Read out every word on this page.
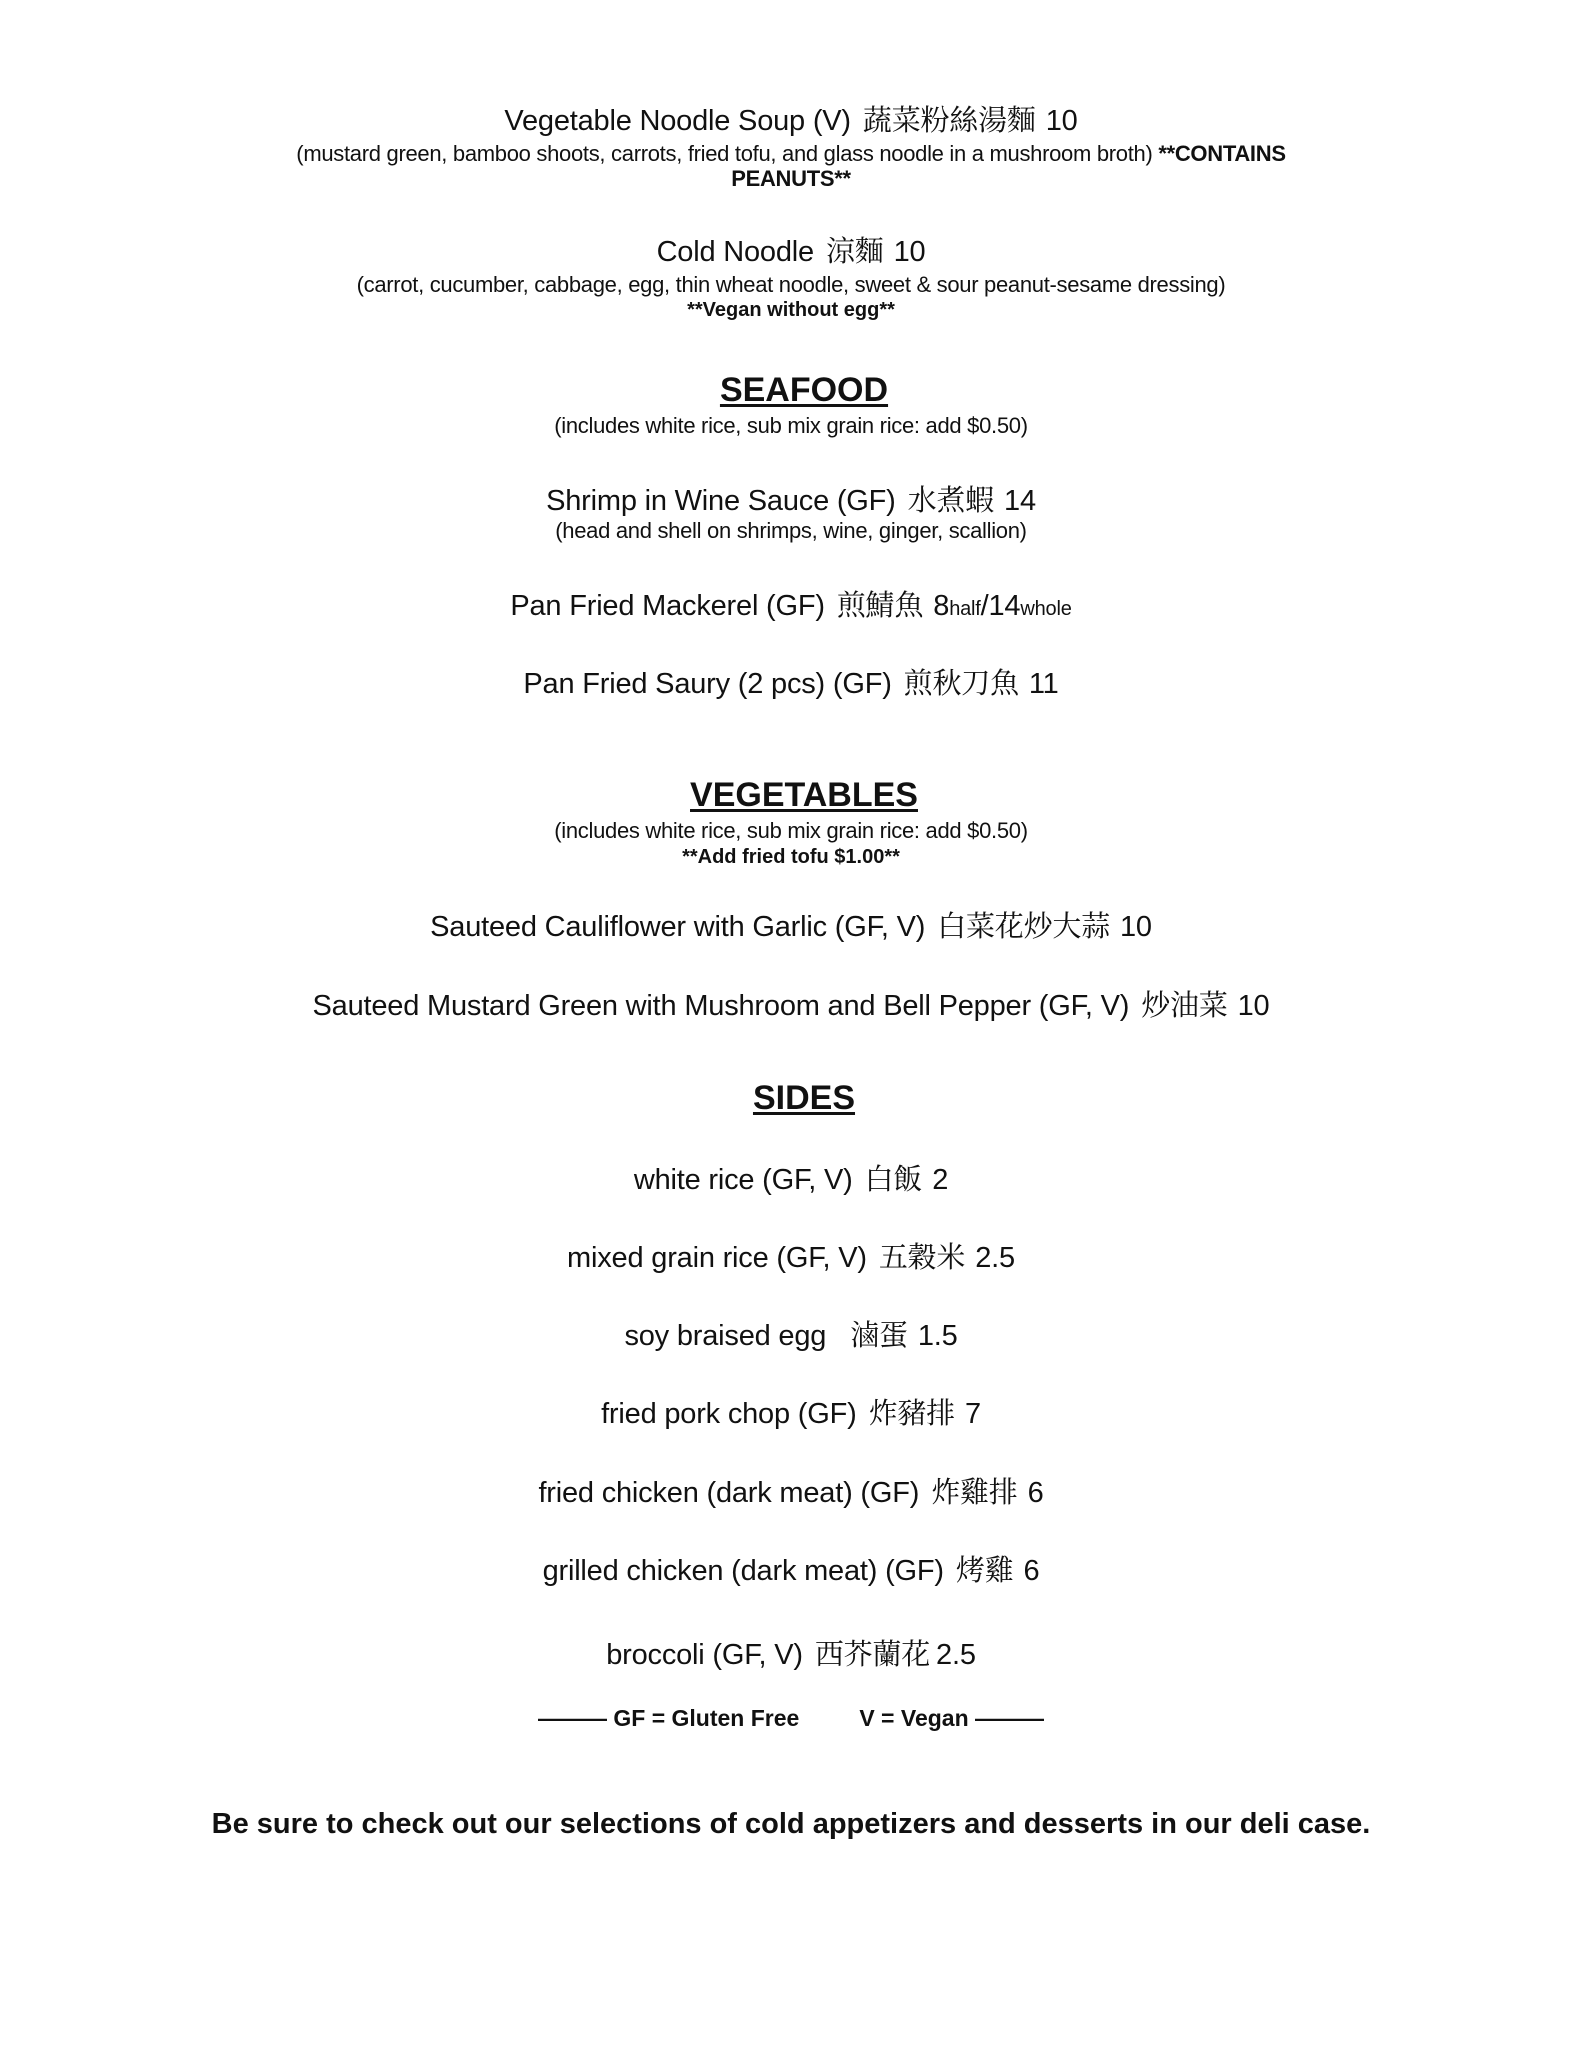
Vegetable Noodle Soup (V) 蔬菜粉絲湯麵 10
(mustard green, bamboo shoots, carrots, fried tofu, and glass noodle in a mushroom broth) **CONTAINS
PEANUTS**
Cold Noodle 涼麵 10
(carrot, cucumber, cabbage, egg, thin wheat noodle, sweet & sour peanut-sesame dressing)
**Vegan without egg**
SEAFOOD
(includes white rice, sub mix grain rice: add $0.50)
Shrimp in Wine Sauce (GF) 水煮蝦 14
(head and shell on shrimps, wine, ginger, scallion)
Pan Fried Mackerel (GF) 煎鯖魚 8half/14whole
Pan Fried Saury (2 pcs) (GF) 煎秋刀魚 11
VEGETABLES
(includes white rice, sub mix grain rice: add $0.50)
**Add fried tofu $1.00**
Sauteed Cauliflower with Garlic (GF, V) 白菜花炒大蒜 10
Sauteed Mustard Green with Mushroom and Bell Pepper (GF, V) 炒油菜 10
SIDES
white rice (GF, V) 白飯 2
mixed grain rice (GF, V) 五穀米 2.5
soy braised egg 滷蛋 1.5
fried pork chop (GF) 炸豬排 7
fried chicken (dark meat) (GF) 炸雞排 6
grilled chicken (dark meat) (GF) 烤雞 6
broccoli (GF, V) 西芥蘭花 2.5
——— GF = Gluten Free	V = Vegan ———
Be sure to check out our selections of cold appetizers and desserts in our deli case.
